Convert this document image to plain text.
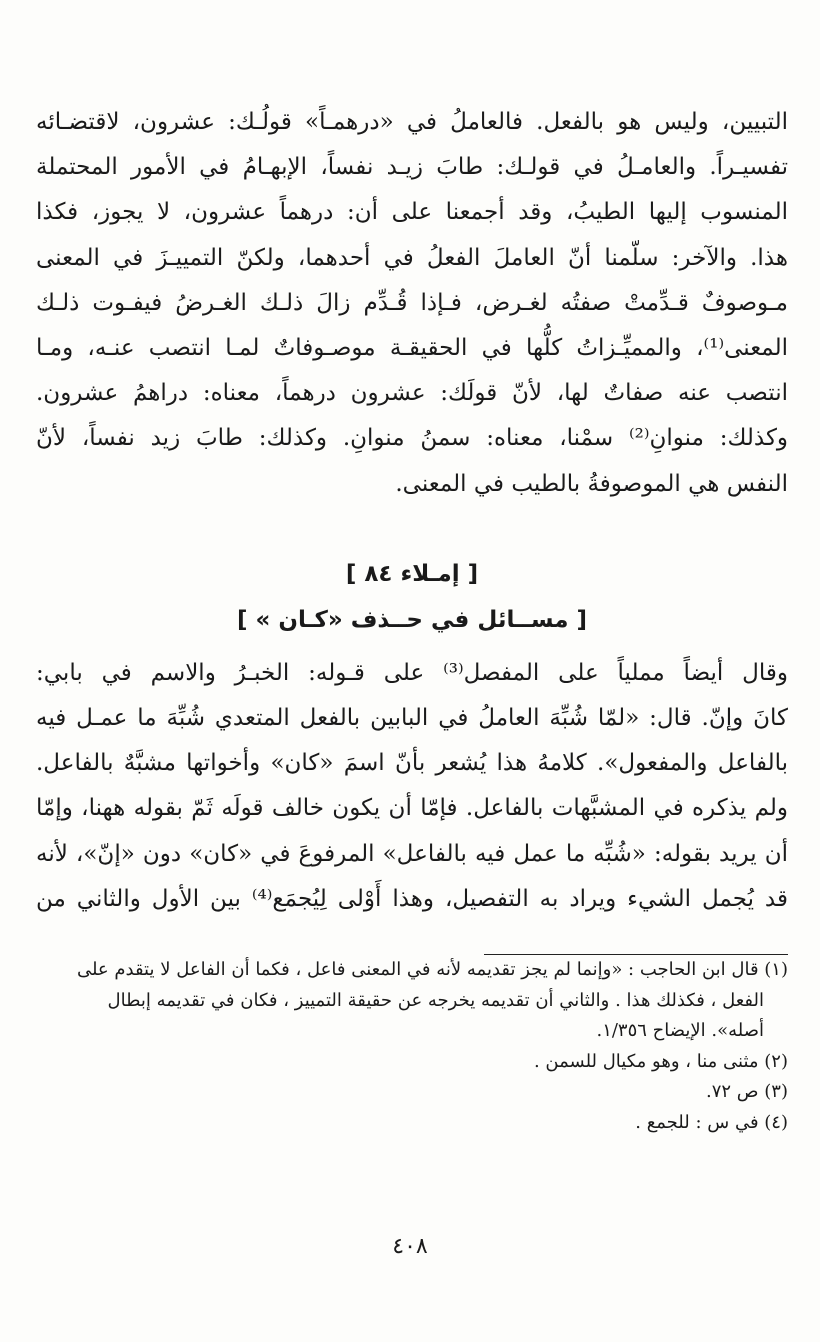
التبيين، وليس هو بالفعل. فالعاملُ في «درهمـاً» قولُـك: عشرون، لاقتضـائه
تفسيـراً. والعامـلُ في قولـك: طابَ زيـد نفساً، الإبهـامُ في الأمور المحتملة
المنسوب إليها الطيبُ، وقد أجمعنا على أن: درهماً عشرون، لا يجوز، فكذا
هذا. والآخر: سلّمنا أنّ العاملَ الفعلُ في أحدهما، ولكنّ التمييـزَ في المعنى
مـوصوفٌ قـدِّمتْ صفتُه لغـرض، فـإذا قُـدِّم زالَ ذلـك الغـرضُ فيفـوت ذلـك
المعنى⁽¹⁾، والمميِّـزاتُ كلُّها في الحقيقـة موصـوفاتٌ لمـا انتصب عنـه، ومـا
انتصب عنه صفاتٌ لها، لأنّ قولَك: عشرون درهماً، معناه: دراهمُ عشرون.
وكذلك: منوانِ⁽²⁾ سمْنا، معناه: سمنُ منوانِ. وكذلك: طابَ زيد نفساً، لأنّ
النفس هي الموصوفةُ بالطيب في المعنى.

[ إمـلاء ٨٤ ]
[ مســائل في حــذف «كـان » ]

وقال أيضاً مملياً على المفصل⁽³⁾ على قـوله: الخبـرُ والاسم في بابي:
كانَ وإنّ. قال: «لمّا شُبِّهَ العاملُ في البابين بالفعل المتعدي شُبِّهَ ما عمـل فيه
بالفاعل والمفعول». كلامهُ هذا يُشعر بأنّ اسمَ «كان» وأخواتها مشبَّهٌ بالفاعل.
ولم يذكره في المشبَّهات بالفاعل. فإمّا أن يكون خالف قولَه ثَمّ بقوله ههنا، وإمّا
أن يريد بقوله: «شُبِّه ما عمل فيه بالفاعل» المرفوعَ في «كان» دون «إنّ»، لأنه
قد يُجمل الشيء ويراد به التفصيل، وهذا أَوْلى لِيُجمَع⁽⁴⁾ بين الأول والثاني من

(١) قال ابن الحاجب : «وإنما لم يجز تقديمه لأنه في المعنى فاعل ، فكما أن الفاعل لا يتقدم على
الفعل ، فكذلك هذا . والثاني أن تقديمه يخرجه عن حقيقة التمييز ، فكان في تقديمه إبطال
أصله». الإيضاح ١/٣٥٦.

(٢) مثنى منا ، وهو مكيال للسمن .

(٣) ص ٧٢.

(٤) في س : للجمع .

٤٠٨
